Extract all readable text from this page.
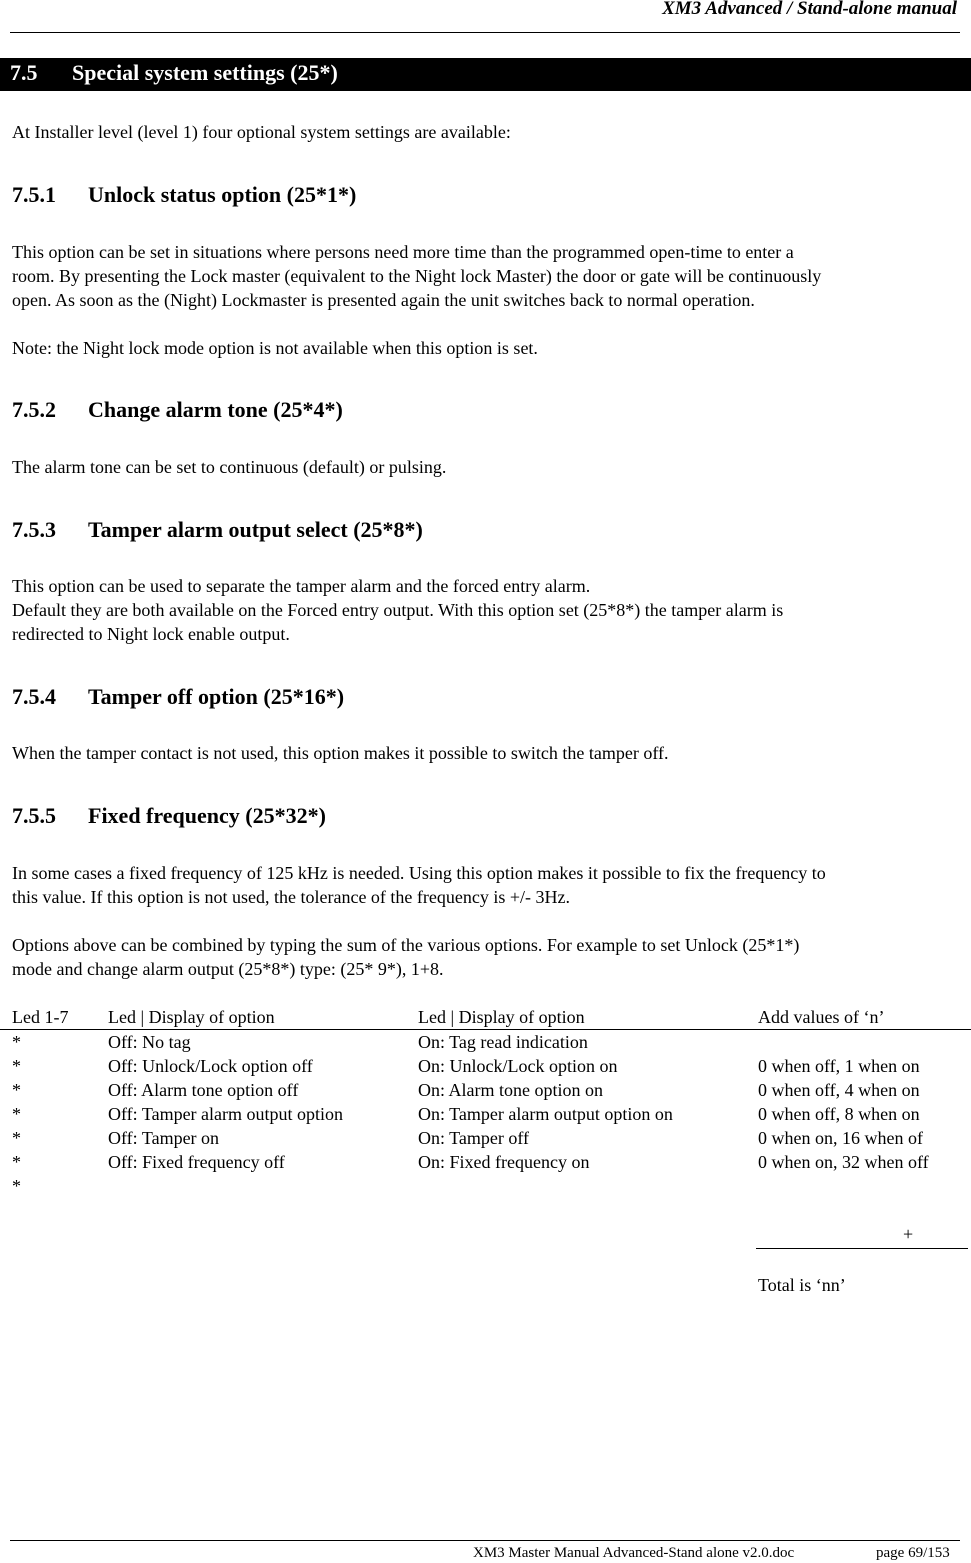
XM3 Advanced / Stand-alone manual
7.5 Special system settings (25*)
At Installer level (level 1) four optional system settings are available:
7.5.1 Unlock status option (25*1*)
This option can be set in situations where persons need more time than the programmed open-time to enter a
room. By presenting the Lock master (equivalent to the Night lock Master) the door or gate will be continuously
open. As soon as the (Night) Lockmaster is presented again the unit switches back to normal operation.
Note: the Night lock mode option is not available when this option is set.
7.5.2 Change alarm tone (25*4*)
The alarm tone can be set to continuous (default) or pulsing.
7.5.3 Tamper alarm output select (25*8*)
This option can be used to separate the tamper alarm and the forced entry alarm.
Default they are both available on the Forced entry output. With this option set (25*8*) the tamper alarm is
redirected to Night lock enable output.
7.5.4 Tamper off option (25*16*)
When the tamper contact is not used, this option makes it possible to switch the tamper off.
7.5.5 Fixed frequency (25*32*)
In some cases a fixed frequency of 125 kHz is needed. Using this option makes it possible to fix the frequency to
this value. If this option is not used, the tolerance of the frequency is +/- 3Hz.
Options above can be combined by typing the sum of the various options. For example to set Unlock (25*1*)
mode and change alarm output (25*8*) type: (25* 9*), 1+8.
Led 1-7 Led | Display of option	Led | Display of option	Add values of ‘n’
*	Off: No tag	On: Tag read indication
*	Off: Unlock/Lock option off	On: Unlock/Lock option on	0 when off, 1 when on
*	Off: Alarm tone option off	On: Alarm tone option on	0 when off, 4 when on
*	Off: Tamper alarm output option	On: Tamper alarm output option on	0 when off, 8 when on
*	Off: Tamper on	On: Tamper off	0 when on, 16 when of
*	Off: Fixed frequency off	On: Fixed frequency on	0 when on, 32 when off
*
+
Total is ‘nn’
XM3 Master Manual Advanced-Stand alone v2.0.doc	page 69/153
